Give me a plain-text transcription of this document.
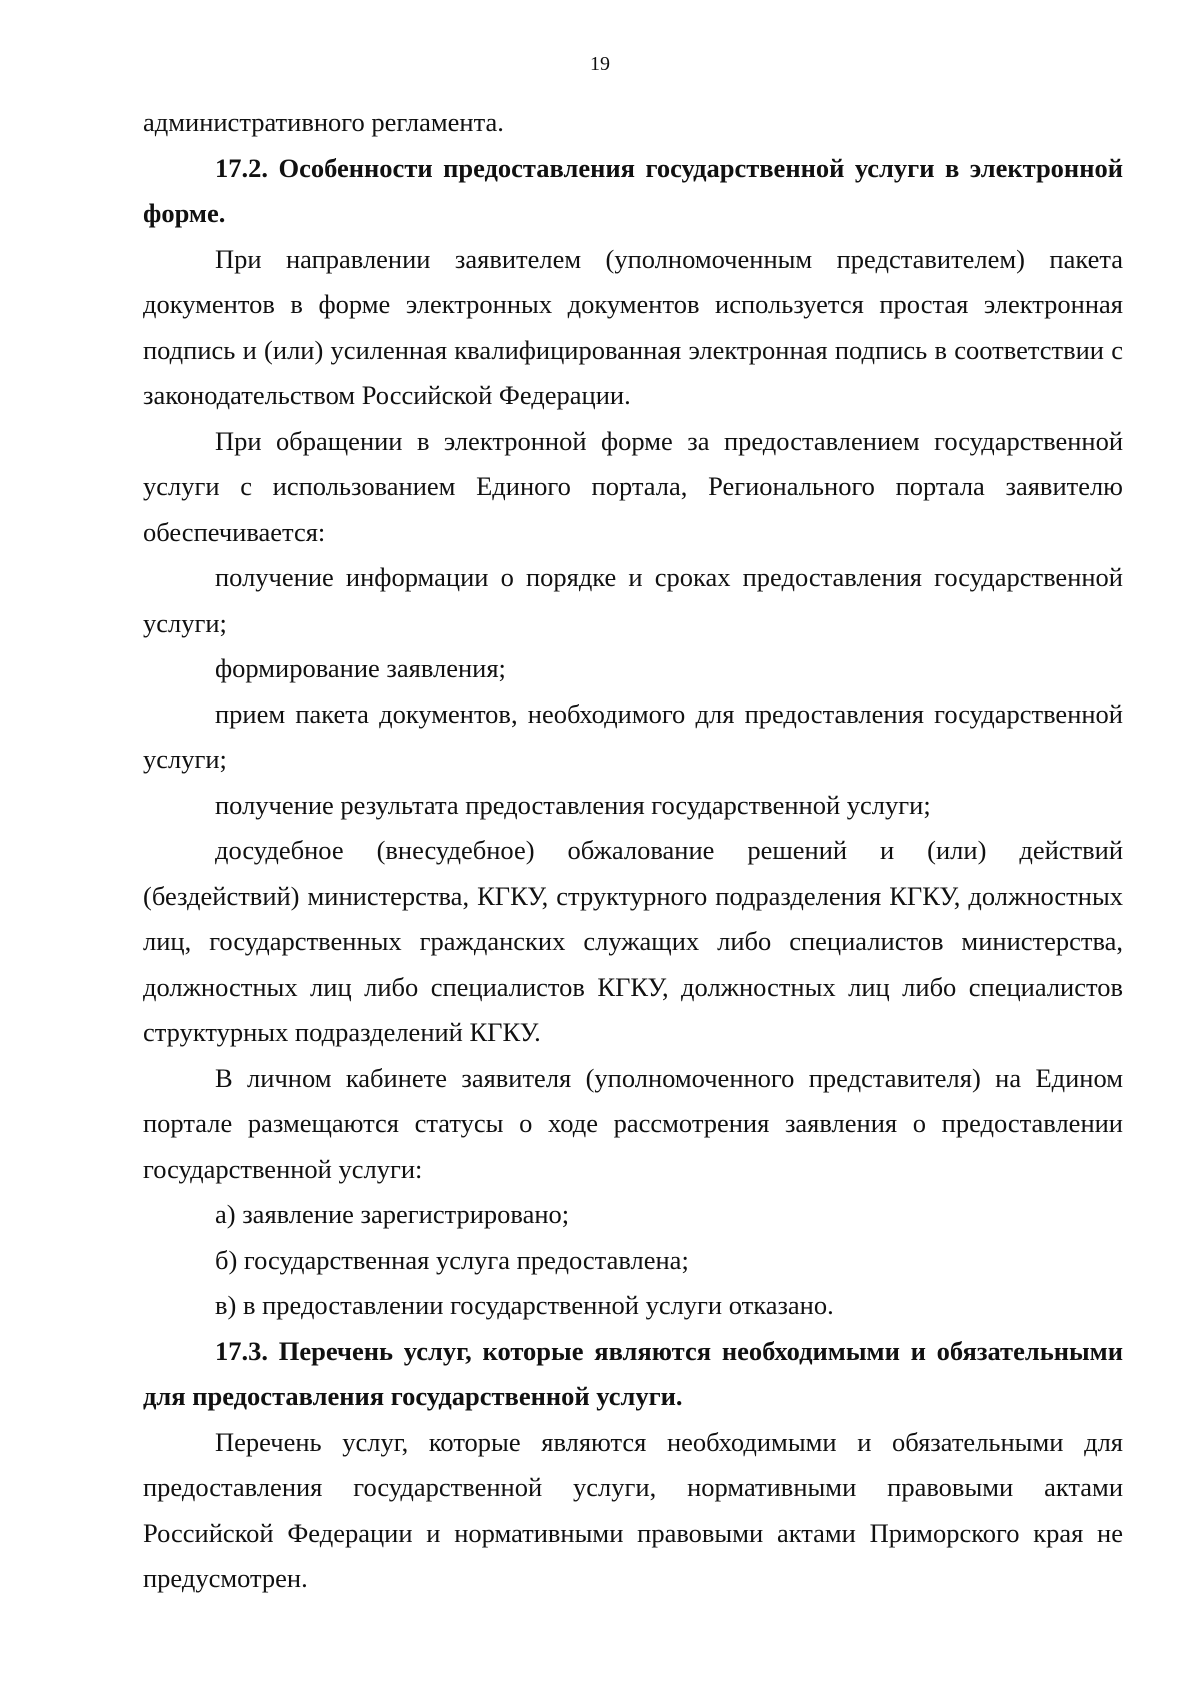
19

административного регламента.

17.2. Особенности предоставления государственной услуги в электронной форме.

При направлении заявителем (уполномоченным представителем) пакета документов в форме электронных документов используется простая электронная подпись и (или) усиленная квалифицированная электронная подпись в соответствии с законодательством Российской Федерации.

При обращении в электронной форме за предоставлением государственной услуги с использованием Единого портала, Регионального портала заявителю обеспечивается:

получение информации о порядке и сроках предоставления государственной услуги;

формирование заявления;

прием пакета документов, необходимого для предоставления государственной услуги;

получение результата предоставления государственной услуги;

досудебное (внесудебное) обжалование решений и (или) действий (бездействий) министерства, КГКУ, структурного подразделения КГКУ, должностных лиц, государственных гражданских служащих либо специалистов министерства, должностных лиц либо специалистов КГКУ, должностных лиц либо специалистов структурных подразделений КГКУ.

В личном кабинете заявителя (уполномоченного представителя) на Едином портале размещаются статусы о ходе рассмотрения заявления о предоставлении государственной услуги:

а) заявление зарегистрировано;

б) государственная услуга предоставлена;

в) в предоставлении государственной услуги отказано.

17.3. Перечень услуг, которые являются необходимыми и обязательными для предоставления государственной услуги.

Перечень услуг, которые являются необходимыми и обязательными для предоставления государственной услуги, нормативными правовыми актами Российской Федерации и нормативными правовыми актами Приморского края не предусмотрен.
